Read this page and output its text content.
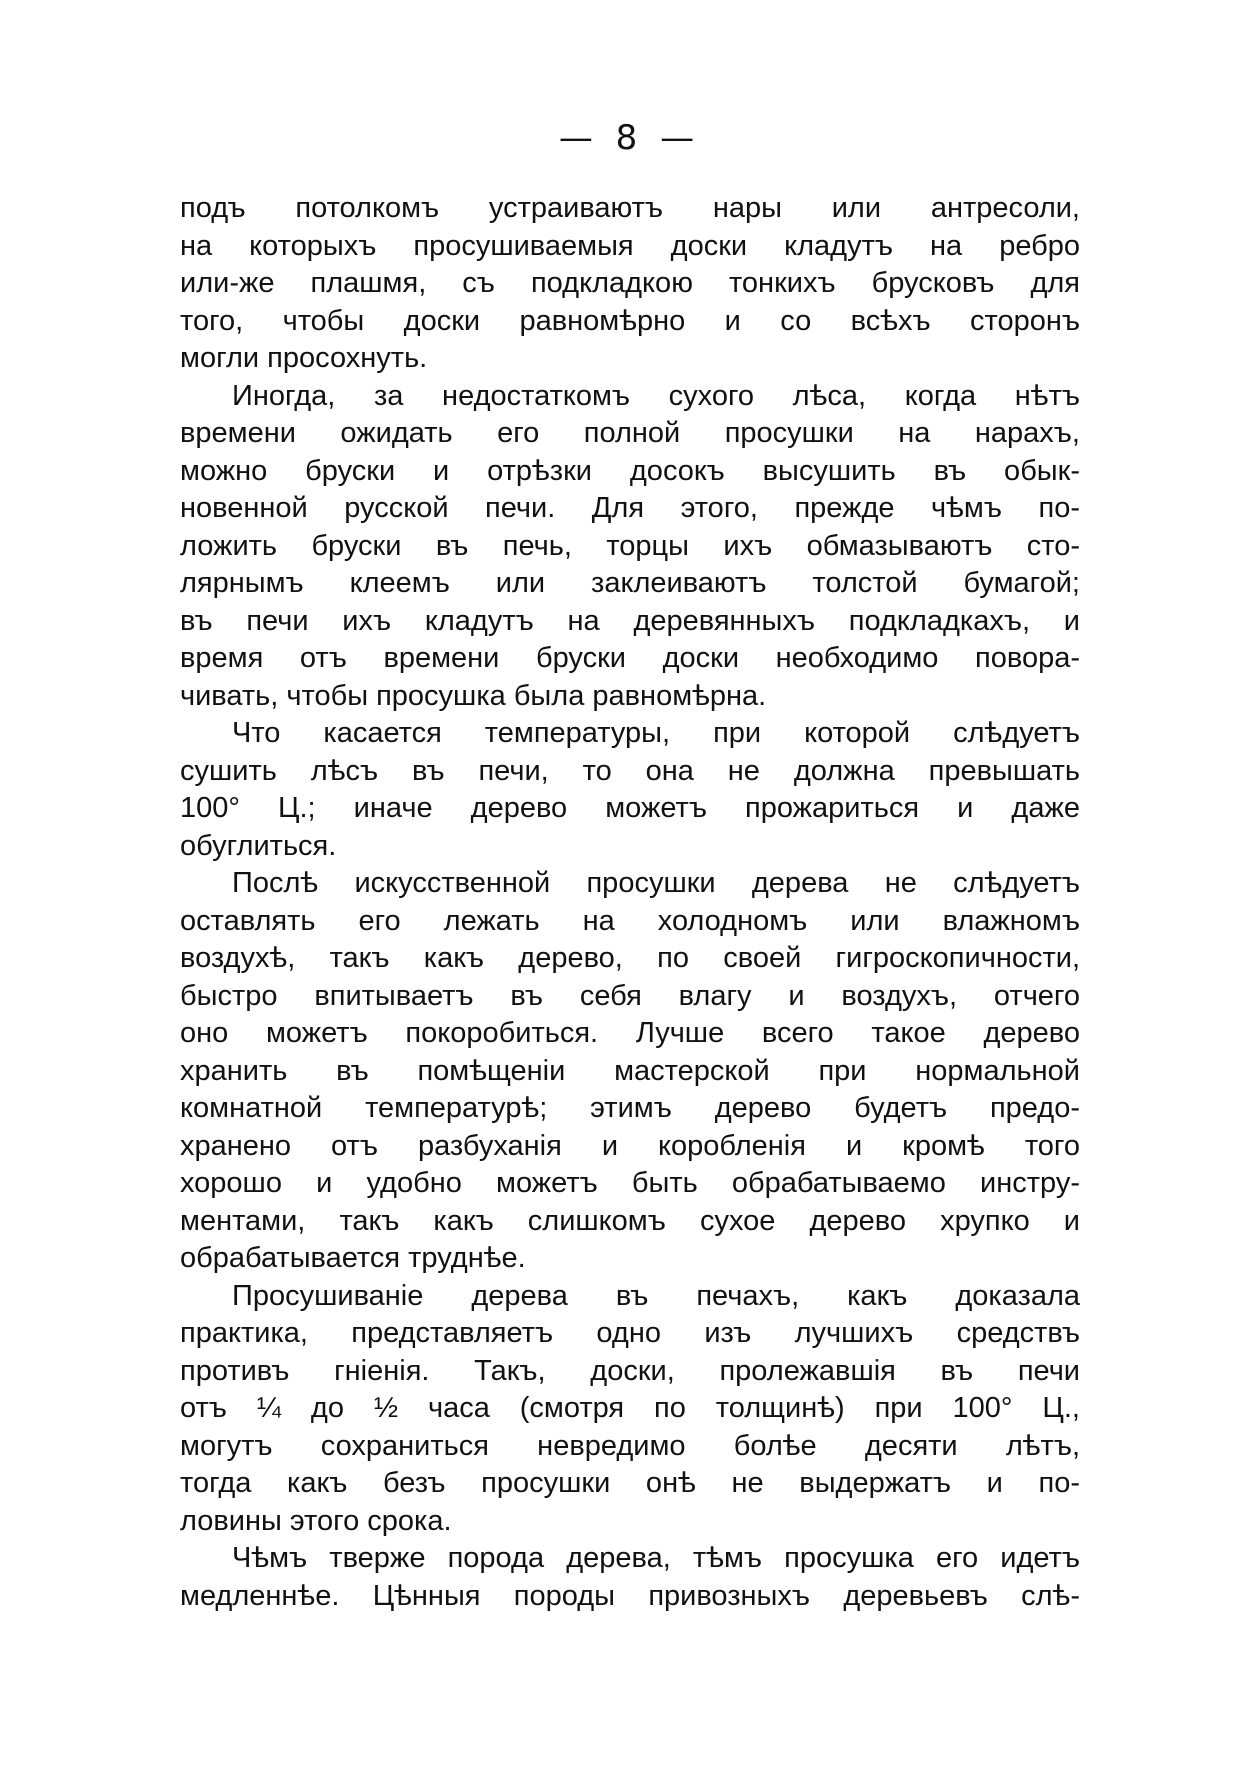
— 8 —
подъ потолкомъ устраиваютъ нары или антресоли,
на которыхъ просушиваемыя доски кладутъ на ребро
или-же плашмя, съ подкладкою тонкихъ брусковъ для
того, чтобы доски равномѣрно и со всѣхъ сторонъ
могли просохнуть.
Иногда, за недостаткомъ сухого лѣса, когда нѣтъ
времени ожидать его полной просушки на нарахъ,
можно бруски и отрѣзки досокъ высушить въ обык-
новенной русской печи. Для этого, прежде чѣмъ по-
ложить бруски въ печь, торцы ихъ обмазываютъ сто-
лярнымъ клеемъ или заклеиваютъ толстой бумагой;
въ печи ихъ кладутъ на деревянныхъ подкладкахъ, и
время отъ времени бруски доски необходимо повора-
чивать, чтобы просушка была равномѣрна.
Что касается температуры, при которой слѣдуетъ
сушить лѣсъ въ печи, то она не должна превышать
100° Ц.; иначе дерево можетъ прожариться и даже
обуглиться.
Послѣ искусственной просушки дерева не слѣдуетъ
оставлять его лежать на холодномъ или влажномъ
воздухѣ, такъ какъ дерево, по своей гигроскопичности,
быстро впитываетъ въ себя влагу и воздухъ, отчего
оно можетъ покоробиться. Лучше всего такое дерево
хранить въ помѣщеніи мастерской при нормальной
комнатной температурѣ; этимъ дерево будетъ предо-
хранено отъ разбуханія и коробленія и кромѣ того
хорошо и удобно можетъ быть обрабатываемо инстру-
ментами, такъ какъ слишкомъ сухое дерево хрупко и
обрабатывается труднѣе.
Просушиваніе дерева въ печахъ, какъ доказала
практика, представляетъ одно изъ лучшихъ средствъ
противъ гніенія. Такъ, доски, пролежавшія въ печи
отъ ¼ до ½ часа (смотря по толщинѣ) при 100° Ц.,
могутъ сохраниться невредимо болѣе десяти лѣтъ,
тогда какъ безъ просушки онѣ не выдержатъ и по-
ловины этого срока.
Чѣмъ тверже порода дерева, тѣмъ просушка его идетъ
медленнѣе. Цѣнныя породы привозныхъ деревьевъ слѣ-
